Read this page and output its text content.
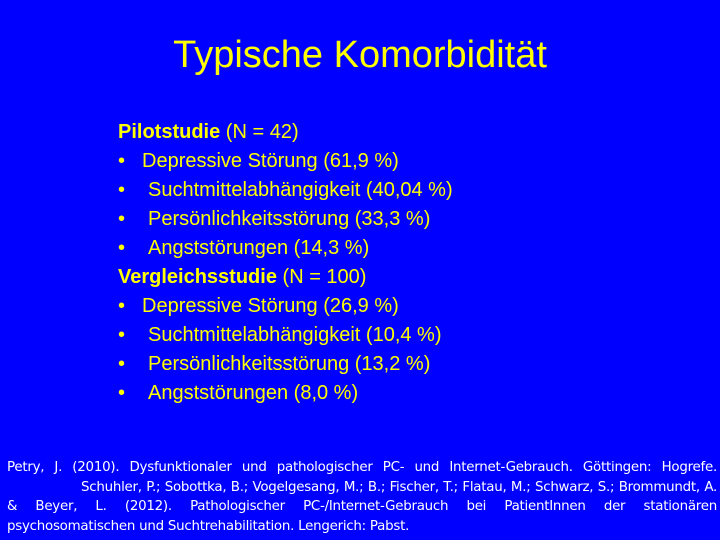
Typische Komorbidität
Pilotstudie (N = 42)
• Depressive Störung (61,9 %)
• Suchtmittelabhängigkeit (40,04 %)
• Persönlichkeitsstörung (33,3 %)
• Angststörungen (14,3 %)
Vergleichsstudie (N = 100)
• Depressive Störung (26,9 %)
• Suchtmittelabhängigkeit (10,4 %)
• Persönlichkeitsstörung (13,2 %)
• Angststörungen (8,0 %)
Petry, J. (2010). Dysfunktionaler und pathologischer PC- und Internet-Gebrauch. Göttingen: Hogrefe.Schuhler, P.; Sobottka, B.; Vogelgesang, M.; B.; Fischer, T.; Flatau, M.; Schwarz, S.; Brommundt, A. & Beyer, L. (2012). Pathologischer PC-/Internet-Gebrauch bei PatientInnen der stationären psychosomatischen und Suchtrehabilitation. Lengerich: Pabst.
